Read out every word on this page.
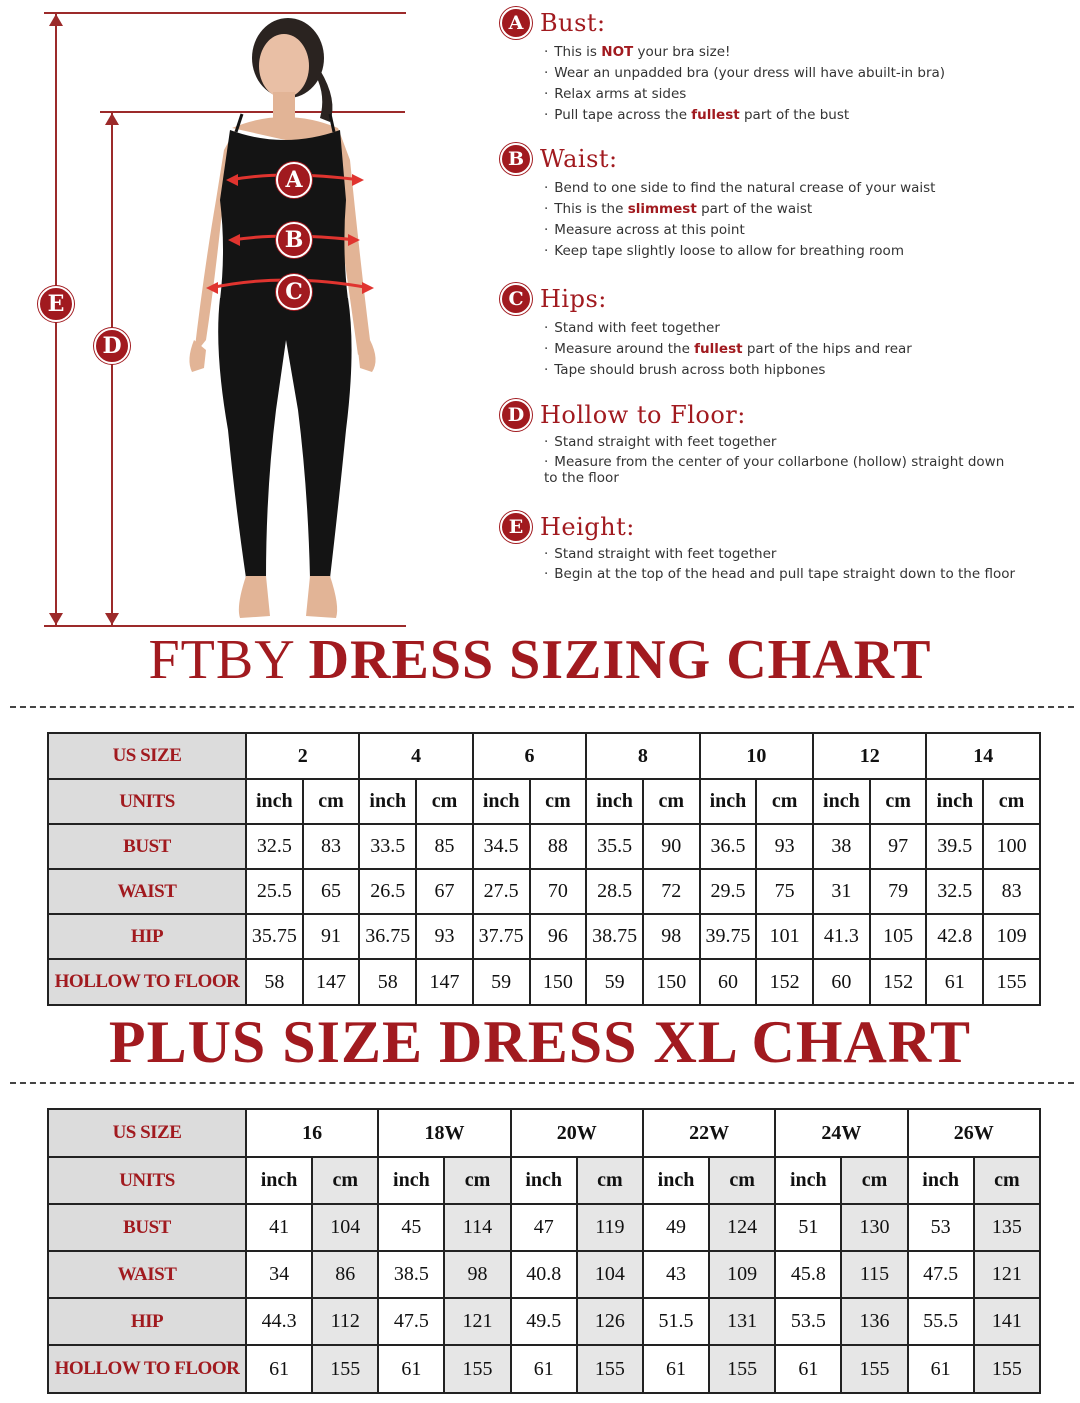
A
B
C
E
D
A Bust:
· This is NOT your bra size!
· Wear an unpadded bra (your dress will have abuilt-in bra)
· Relax arms at sides
· Pull tape across the fullest part of the bust
B Waist:
· Bend to one side to find the natural crease of your waist
· This is the slimmest part of the waist
· Measure across at this point
· Keep tape slightly loose to allow for breathing room
C Hips:
· Stand with feet together
· Measure around the fullest part of the hips and rear
· Tape should brush across both hipbones
D Hollow to Floor:
· Stand straight with feet together
· Measure from the center of your collarbone (hollow) straight down to the floor
E Height:
· Stand straight with feet together
· Begin at the top of the head and pull tape straight down to the floor
FTBY DRESS SIZING CHART
US SIZE	2		4		6		8		10		12		14	
UNITS	inch	cm	inch	cm	inch	cm	inch	cm	inch	cm	inch	cm	inch	cm
BUST	32.5	83	33.5	85	34.5	88	35.5	90	36.5	93	38	97	39.5	100
WAIST	25.5	65	26.5	67	27.5	70	28.5	72	29.5	75	31	79	32.5	83
HIP	35.75	91	36.75	93	37.75	96	38.75	98	39.75	101	41.3	105	42.8	109
HOLLOW TO FLOOR	58	147	58	147	59	150	59	150	60	152	60	152	61	155
PLUS SIZE DRESS XL CHART
US SIZE	16		18W		20W		22W		24W		26W	
UNITS	inch	cm	inch	cm	inch	cm	inch	cm	inch	cm	inch	cm
BUST	41	104	45	114	47	119	49	124	51	130	53	135
WAIST	34	86	38.5	98	40.8	104	43	109	45.8	115	47.5	121
HIP	44.3	112	47.5	121	49.5	126	51.5	131	53.5	136	55.5	141
HOLLOW TO FLOOR	61	155	61	155	61	155	61	155	61	155	61	155
